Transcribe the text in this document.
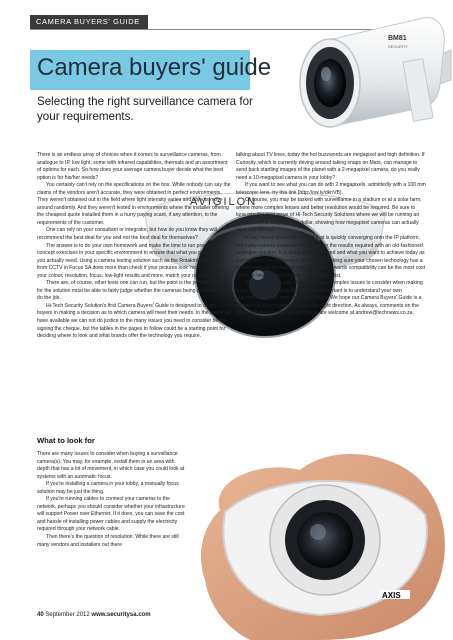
CAMERA BUYERS' GUIDE
Camera buyers' guide
Selecting the right surveillance camera for your requirements.
BM81
SECURITY
AVIGILON
AXIS

There is an endless array of choices when it comes to surveillance cameras, from analogue to IP, low light, some with infrared capabilities, thermals and an assortment of options for each. So how does your average camera buyer decide what the best option is for his/her needs?

You certainly can't rely on the specifications on the box. While nobody can say the claims of the vendors aren't accurate, they were obtained in perfect environments. They weren't obtained out in the field where light intensity varies and objects move around randomly. And they weren't tested in environments where the installer offering the cheapest quote installed them in a hurry paying scant, if any attention, to the requirements of the customer.

One can rely on your consultant or integrator, but how do you know they will recommend the best deal for you and not the best deal for themselves?

The answer is to do your own homework and make the time to run proof-of-concept exercises in your specific environment to ensure that what you get is what you actually need. Using a camera testing solution such as the Rotakin/Digikin test from CCTV in Focus SA does more than check if your pictures look 'nice.' It ensures your colour, resolution, focus, low-light results and more, match your needs.

There are, of course, other tests one can run, but the point is the person paying for the solution must be able to fairly judge whether the cameras being purchased will do the job.

Hi-Tech Security Solution's first Camera Buyers' Guide is designed to assist buyers in making a decision as to which camera will meet their needs. In the space we have available we can not do justice to the many issues you need to consider before signing the cheque, but the tables in the pages to follow could be a starting point for deciding where to look and what brands offer the technology you require.

What to look for

There are many issues to consider when buying a surveillance camera(s). You may, for example, install them in an area with depth that has a lot of movement, in which case you could look at systems with an automatic focus.

If you're installing a camera in your lobby, a manually focus solution may be just the thing.

If you're running cables to connect your cameras to the network, perhaps you should consider whether your infrastructure will support Power over Ethernet. If it does, you can save the cost and hassle of installing power cables and supply the electricity required through your network cable.

Then there's the question of resolution. While there are still many vendors and installers out there

talking about TV lines, today the hot buzzwords are megapixel and high definition. If Curiosity, which is currently driving around taking snaps on Mars, can manage to send back startling images of the planet with a 2-megapixel camera, do you really need a 10-megapixel camera in your lobby?

If you want to see what you can do with 2 megapixels, admittedly with a 100 mm telescopic lens, try this link (http://ow.ly/dknVB).

Of course, you may be tasked with surveillance in a stadium or at a solar farm, where more complex lenses and better resolution would be required. Be sure to tune into the next issue of Hi-Tech Security Solutions where we will be running an article on PPS, or pixels per dollar, showing how megapixel cameras can actually save you money.

It may sound absurd in a world that is quickly converging onto the IP platform, but many camera installations will deliver the results required with an old-fashioned analogue solution. It is about what you need and what you want to achieve today as well as what you will need in the future. Making sure your chosen technology has a future roadmap as well as guaranteed backwards compatibility can be the most cost effective 'must-have' on your specifications list.

At the end of the day, there are many complex issues to consider when making a camera decision, possibly the most important is to understand your own requirements, both now and in the future. We hope our Camera Buyers' Guide is a simple first step in pointing you in the right direction. As always, comments on the guide and how to improve it in future are welcome at andrew@technews.co.za.

40 September 2012 www.securitysa.com
